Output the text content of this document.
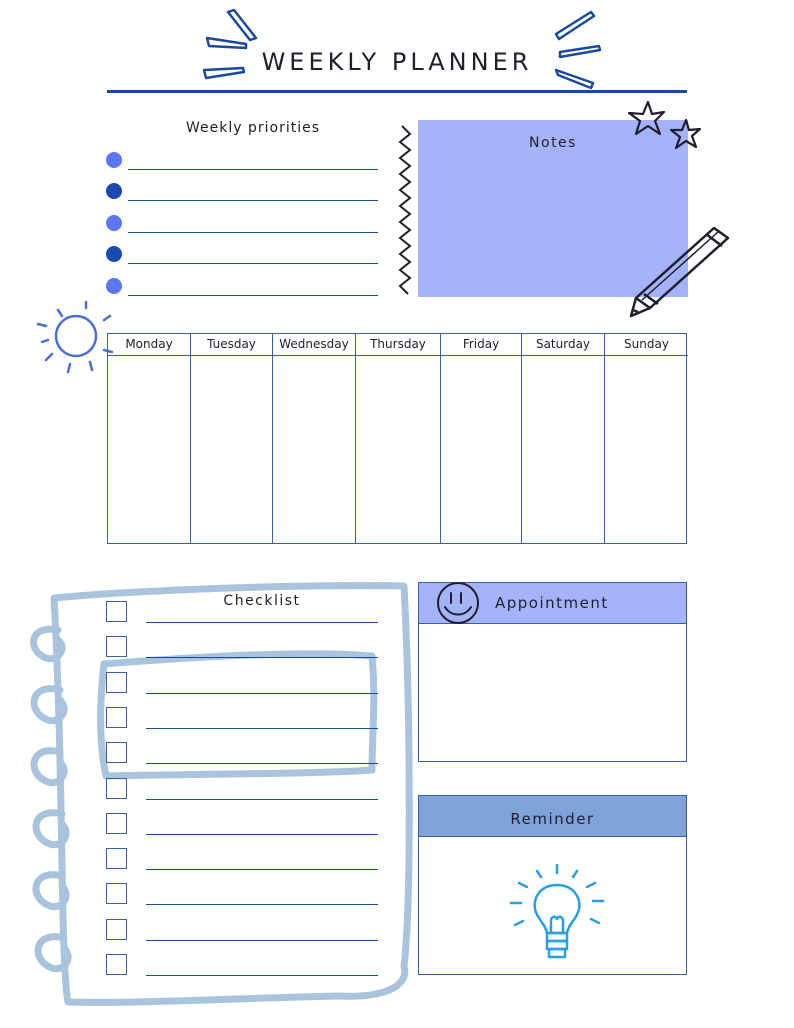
WEEKLY PLANNER
Weekly priorities
Notes
Monday	Tuesday	Wednesday	Thursday	Friday	Saturday	Sunday
Checklist	Appointment
Reminder
